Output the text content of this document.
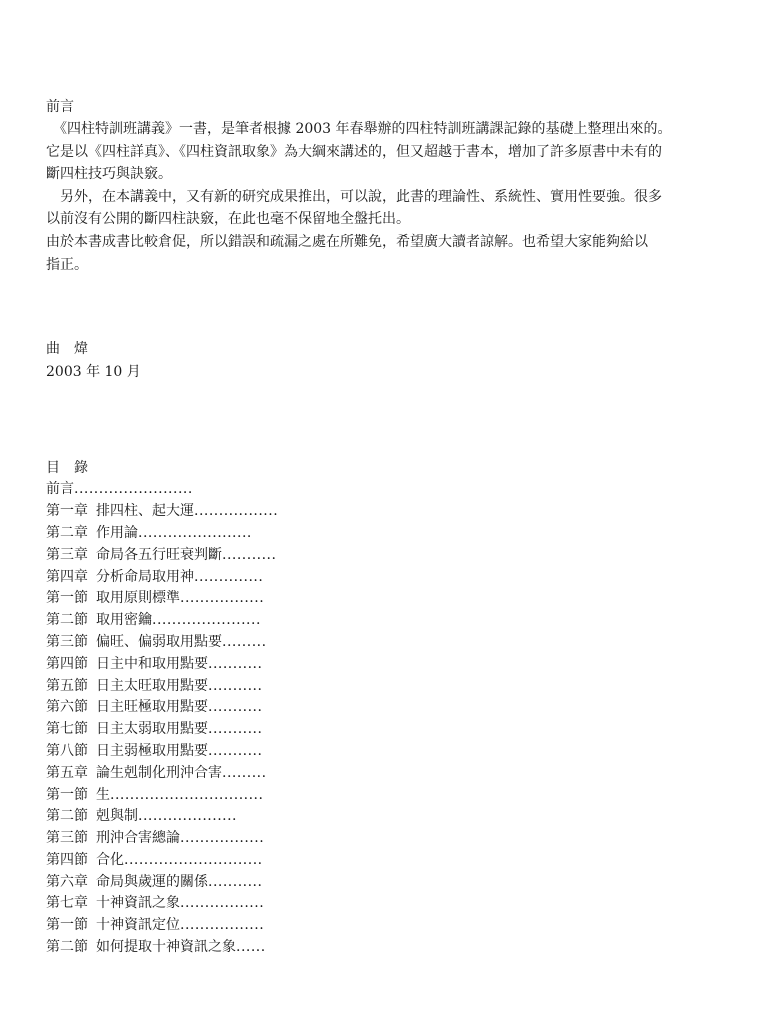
前言
　《四柱特訓班講義》一書，是筆者根據 2003 年春舉辦的四柱特訓班講課記錄的基礎上整理出來的。
它是以《四柱詳真》、《四柱資訊取象》為大綱來講述的，但又超越于書本，增加了許多原書中未有的
斷四柱技巧與訣竅。
　另外，在本講義中，又有新的研究成果推出，可以說，此書的理論性、系統性、實用性要強。很多
以前沒有公開的斷四柱訣竅，在此也毫不保留地全盤托出。
由於本書成書比較倉促，所以錯誤和疏漏之處在所難免，希望廣大讀者諒解。也希望大家能夠給以
指正。
曲　煒
2003 年 10 月
目　錄
前言........................
第一章 排四柱、起大運.................
第二章 作用論.......................
第三章 命局各五行旺衰判斷...........
第四章 分析命局取用神..............
第一節 取用原則標準.................
第二節 取用密鑰......................
第三節 偏旺、偏弱取用點要.........
第四節 日主中和取用點要...........
第五節 日主太旺取用點要...........
第六節 日主旺極取用點要...........
第七節 日主太弱取用點要...........
第八節 日主弱極取用點要...........
第五章 論生剋制化刑沖合害.........
第一節 生...............................
第二節 剋與制....................
第三節 刑沖合害總論.................
第四節 合化............................
第六章 命局與歲運的關係...........
第七章 十神資訊之象.................
第一節 十神資訊定位.................
第二節 如何提取十神資訊之象......
